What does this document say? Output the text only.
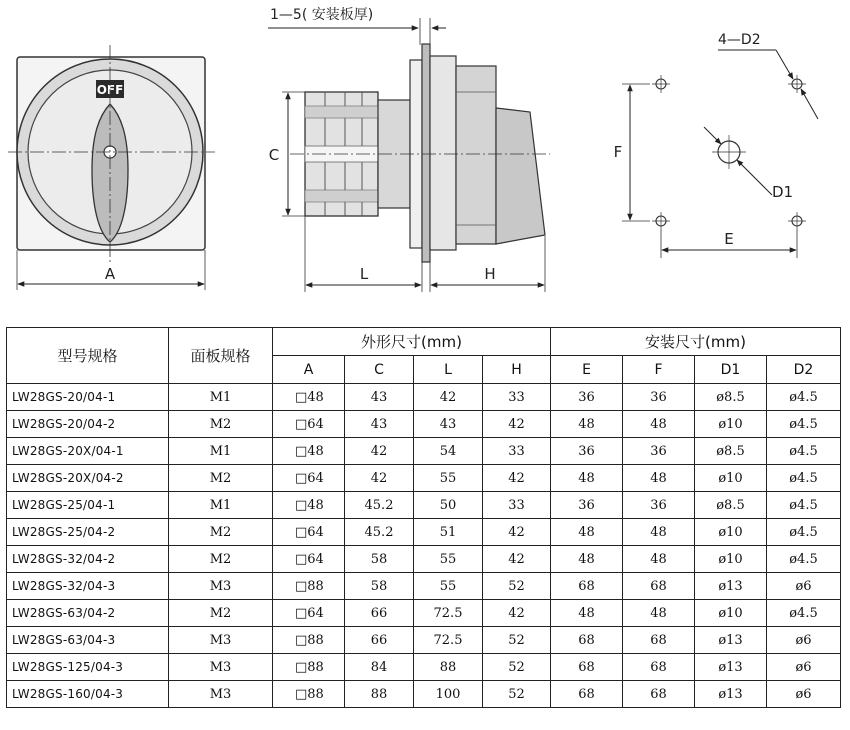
OFF
A
1—5( 安装板厚)
C
L	H
D1
4—D2
F
E
型号规格	面板规格	外形尺寸(mm)				安装尺寸(mm)			
		A	C	L	H	E	F	D1	D2
LW28GS-20/04-1	M1	□48	43	42	33	36	36	ø8.5	ø4.5
LW28GS-20/04-2	M2	□64	43	43	42	48	48	ø10	ø4.5
LW28GS-20X/04-1	M1	□48	42	54	33	36	36	ø8.5	ø4.5
LW28GS-20X/04-2	M2	□64	42	55	42	48	48	ø10	ø4.5
LW28GS-25/04-1	M1	□48	45.2	50	33	36	36	ø8.5	ø4.5
LW28GS-25/04-2	M2	□64	45.2	51	42	48	48	ø10	ø4.5
LW28GS-32/04-2	M2	□64	58	55	42	48	48	ø10	ø4.5
LW28GS-32/04-3	M3	□88	58	55	52	68	68	ø13	ø6
LW28GS-63/04-2	M2	□64	66	72.5	42	48	48	ø10	ø4.5
LW28GS-63/04-3	M3	□88	66	72.5	52	68	68	ø13	ø6
LW28GS-125/04-3	M3	□88	84	88	52	68	68	ø13	ø6
LW28GS-160/04-3	M3	□88	88	100	52	68	68	ø13	ø6
